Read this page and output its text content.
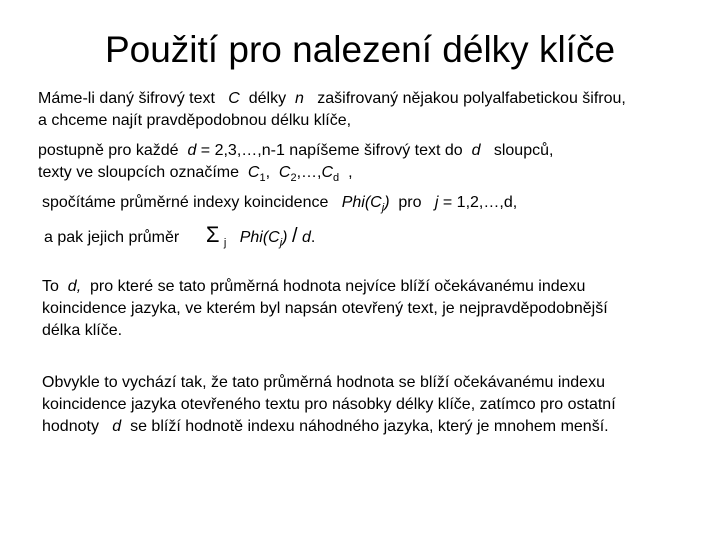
Použití pro nalezení délky klíče
Máme-li daný šifrový text C délky n zašifrovaný nějakou polyalfabetickou šifrou,
a chceme najít pravděpodobnou délku klíče,
postupně pro každé d = 2,3,…,n-1 napíšeme šifrový text do d sloupců,
texty ve sloupcích označíme $C_1$,  $C_2,\dots,C_d$ ,
spočítáme průměrné indexy koincidence $Phi(C_j)$ pro j = 1,2,…,d,
a pak jejich průměr Σ $_j$ $Phi(C_j)$ / d.
To d, pro které se tato průměrná hodnota nejvíce blíží očekávanému indexu
koincidence jazyka, ve kterém byl napsán otevřený text, je nejpravděpodobnější
délka klíče.
Obvykle to vychází tak, že tato průměrná hodnota se blíží očekávanému indexu
koincidence jazyka otevřeného textu pro násobky délky klíče, zatímco pro ostatní
hodnoty d se blíží hodnotě indexu náhodného jazyka, který je mnohem menší.
